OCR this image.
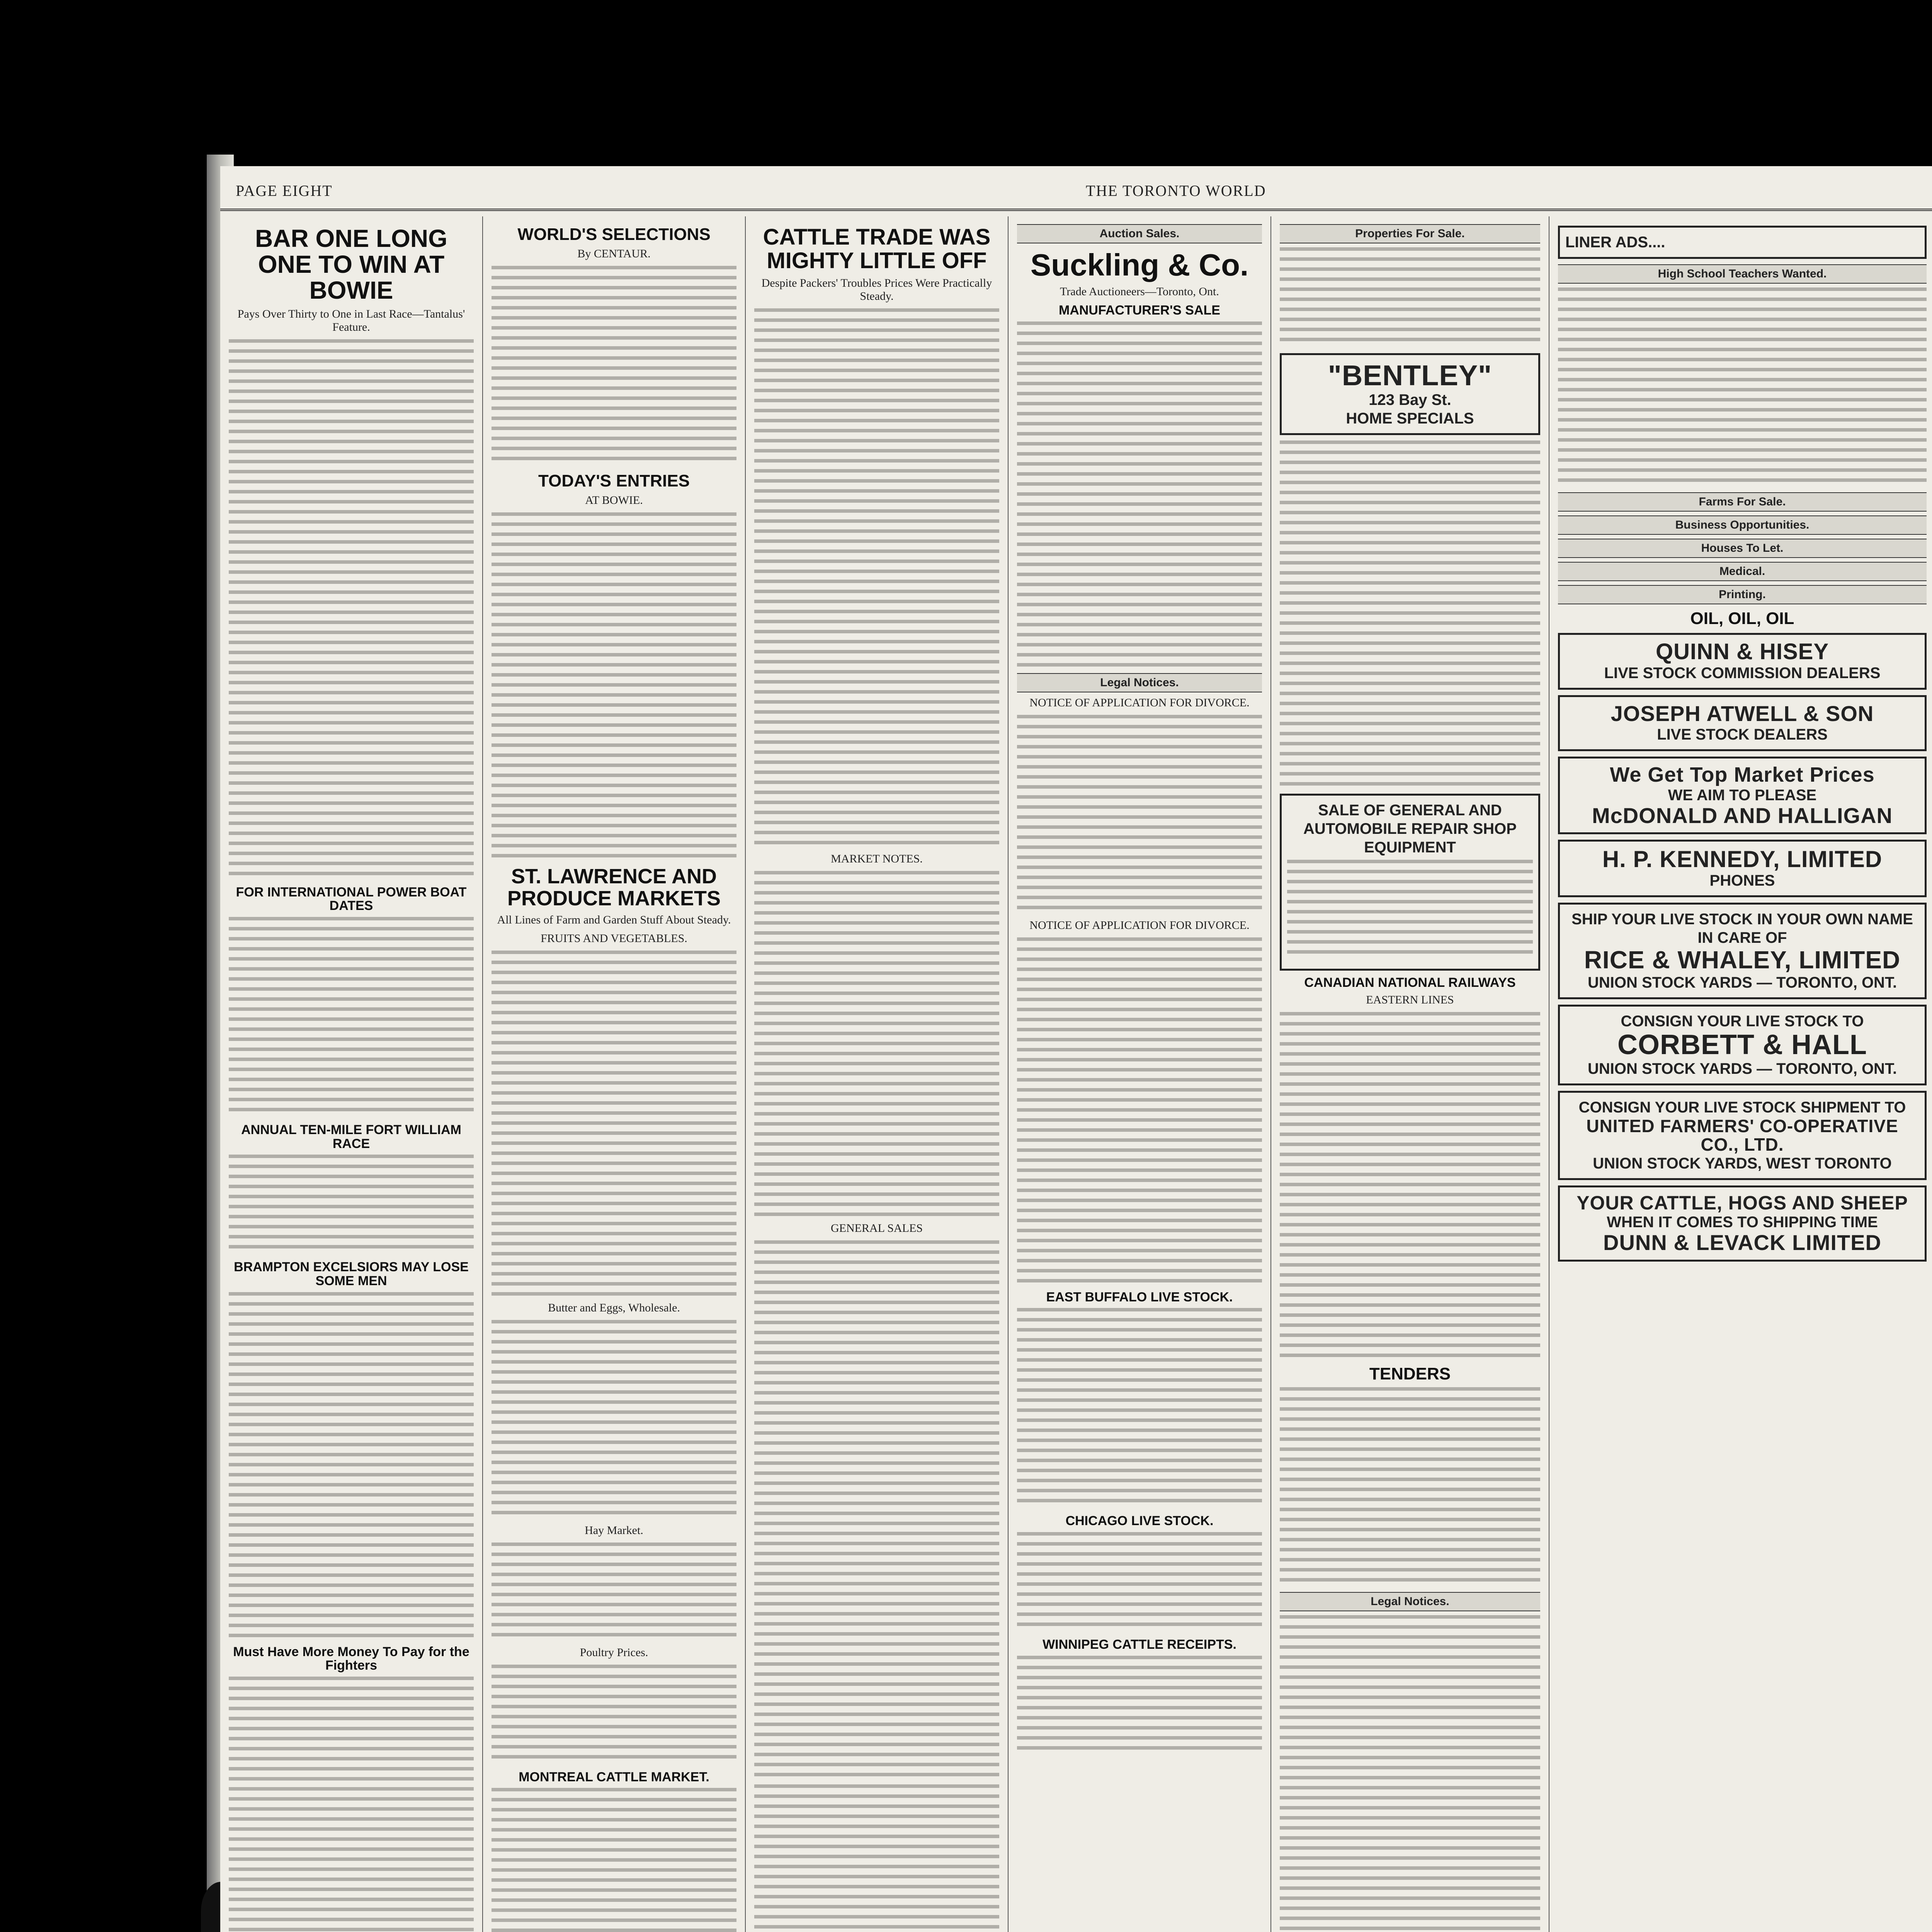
PAGE EIGHT	THE TORONTO WORLD
BAR ONE LONG ONE TO WIN AT BOWIE
Pays Over Thirty to One in Last Race—Tantalus' Feature.
FOR INTERNATIONAL POWER BOAT DATES
ANNUAL TEN-MILE FORT WILLIAM RACE
BRAMPTON EXCELSIORS MAY LOSE SOME MEN
Must Have More Money To Pay for the Fighters
WORLD'S SELECTIONS
By CENTAUR.
TODAY'S ENTRIES
AT BOWIE.
ST. LAWRENCE AND PRODUCE MARKETS
All Lines of Farm and Garden Stuff About Steady.
FRUITS AND VEGETABLES.
Butter and Eggs, Wholesale.
Hay Market.
Poultry Prices.
MONTREAL CATTLE MARKET.
CATTLE TRADE WAS MIGHTY LITTLE OFF
Despite Packers' Troubles Prices Were Practically Steady.
MARKET NOTES.
GENERAL SALES
Auction Sales.
Suckling & Co.
Trade Auctioneers—Toronto, Ont.
MANUFACTURER'S SALE
Legal Notices.
NOTICE OF APPLICATION FOR DIVORCE.
NOTICE OF APPLICATION FOR DIVORCE.
EAST BUFFALO LIVE STOCK.
CHICAGO LIVE STOCK.
WINNIPEG CATTLE RECEIPTS.
Properties For Sale.
"BENTLEY"
123 Bay St.
HOME SPECIALS
SALE OF GENERAL AND AUTOMOBILE REPAIR SHOP EQUIPMENT
CANADIAN NATIONAL RAILWAYS
EASTERN LINES
TENDERS
Legal Notices.
LINER ADS....
High School Teachers Wanted.
Farms For Sale.
Business Opportunities.
Houses To Let.
Medical.
Printing.
OIL, OIL, OIL
QUINN & HISEY
LIVE STOCK COMMISSION DEALERS
JOSEPH ATWELL & SON
LIVE STOCK DEALERS
We Get Top Market Prices
WE AIM TO PLEASE
McDONALD AND HALLIGAN
H. P. KENNEDY, LIMITED
PHONES
SHIP YOUR LIVE STOCK IN YOUR OWN NAME IN CARE OF
RICE & WHALEY, LIMITED
UNION STOCK YARDS — TORONTO, ONT.
CONSIGN YOUR LIVE STOCK TO
CORBETT & HALL
UNION STOCK YARDS — TORONTO, ONT.
CONSIGN YOUR LIVE STOCK SHIPMENT TO
UNITED FARMERS' CO-OPERATIVE CO., LTD.
UNION STOCK YARDS, WEST TORONTO
YOUR CATTLE, HOGS AND SHEEP
WHEN IT COMES TO SHIPPING TIME
DUNN & LEVACK LIMITED
